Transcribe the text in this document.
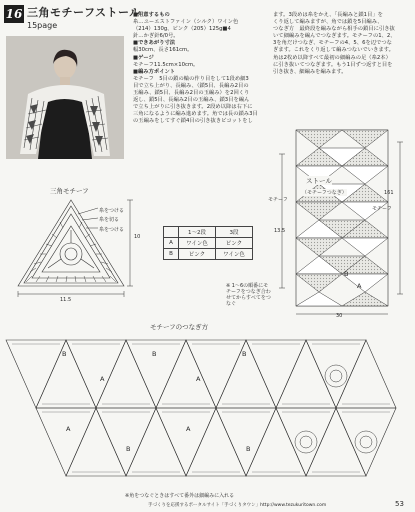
16 三角モチーフストール
15page
■用意するもの
糸…ユーエストファイン（シルク）ワイン色
（214）130g、ピンク（205）125g■4
針…かぎ針6/0号。
■できあがり寸法
幅30cm、長さ161cm。
■ゲージ
モチーフ11.5cm×10cm。
■編み方ポイント
モチーフ　5目の鎖の輪の作り目をして1段め細3
目で立ち上がり、長編み、（鎖5目、長編み2目の
玉編み、鎖5目、長編み2目の玉編み）を2回くり
返し、鎖5目、長編み2目の玉編み、鎖3目を編ん
で立ち上がりに引き抜きます。2段め以降は右下に
三角になるように編み進めます。角では長の鎖み3目
の玉編みをしてすぐ鎖4目の引き抜きピコットをし
ます。3段めは糸をかえ、「長編みと鎖1目」を
くり返して編みますが、角では鎖を5目編み、
つなぎ方　最終段を編みながら相手の鎖目に引き抜
いて細編みを編んでつなぎます。モチーフの1、2、
3を角だけつなぎ、モチーフの4、5、6を辺でつな
ぎます。これをくり返して編みつないでいきます。
角は2枚め以降すべて最初の細編みの足（糸2本）
に引き抜いてつなぎます。もう1目ずつ返すと目を
引き抜き、細編みを編みます。
三角モチーフ
糸をつける
糸を切る
糸をつける
11.5
10
	1〜2段	3段
A	ワイン色	ピンク
B	ピンク	ワイン色
ストール
（モチーフつなぎ）
13.5
161
モチーフ
モチーフ
30
A
B
※ 1〜6の順番にモチーフをつなぎ合わせてからすべてをつなぐ
モチーフのつなぎ方
B
A
B
A
B
A
B
A
B
※角をつなぐときはすべて番外は細編みに入れる
手づくりを応援するポータルサイト「手づくりタウン」http://www.tezukuritown.com	53
